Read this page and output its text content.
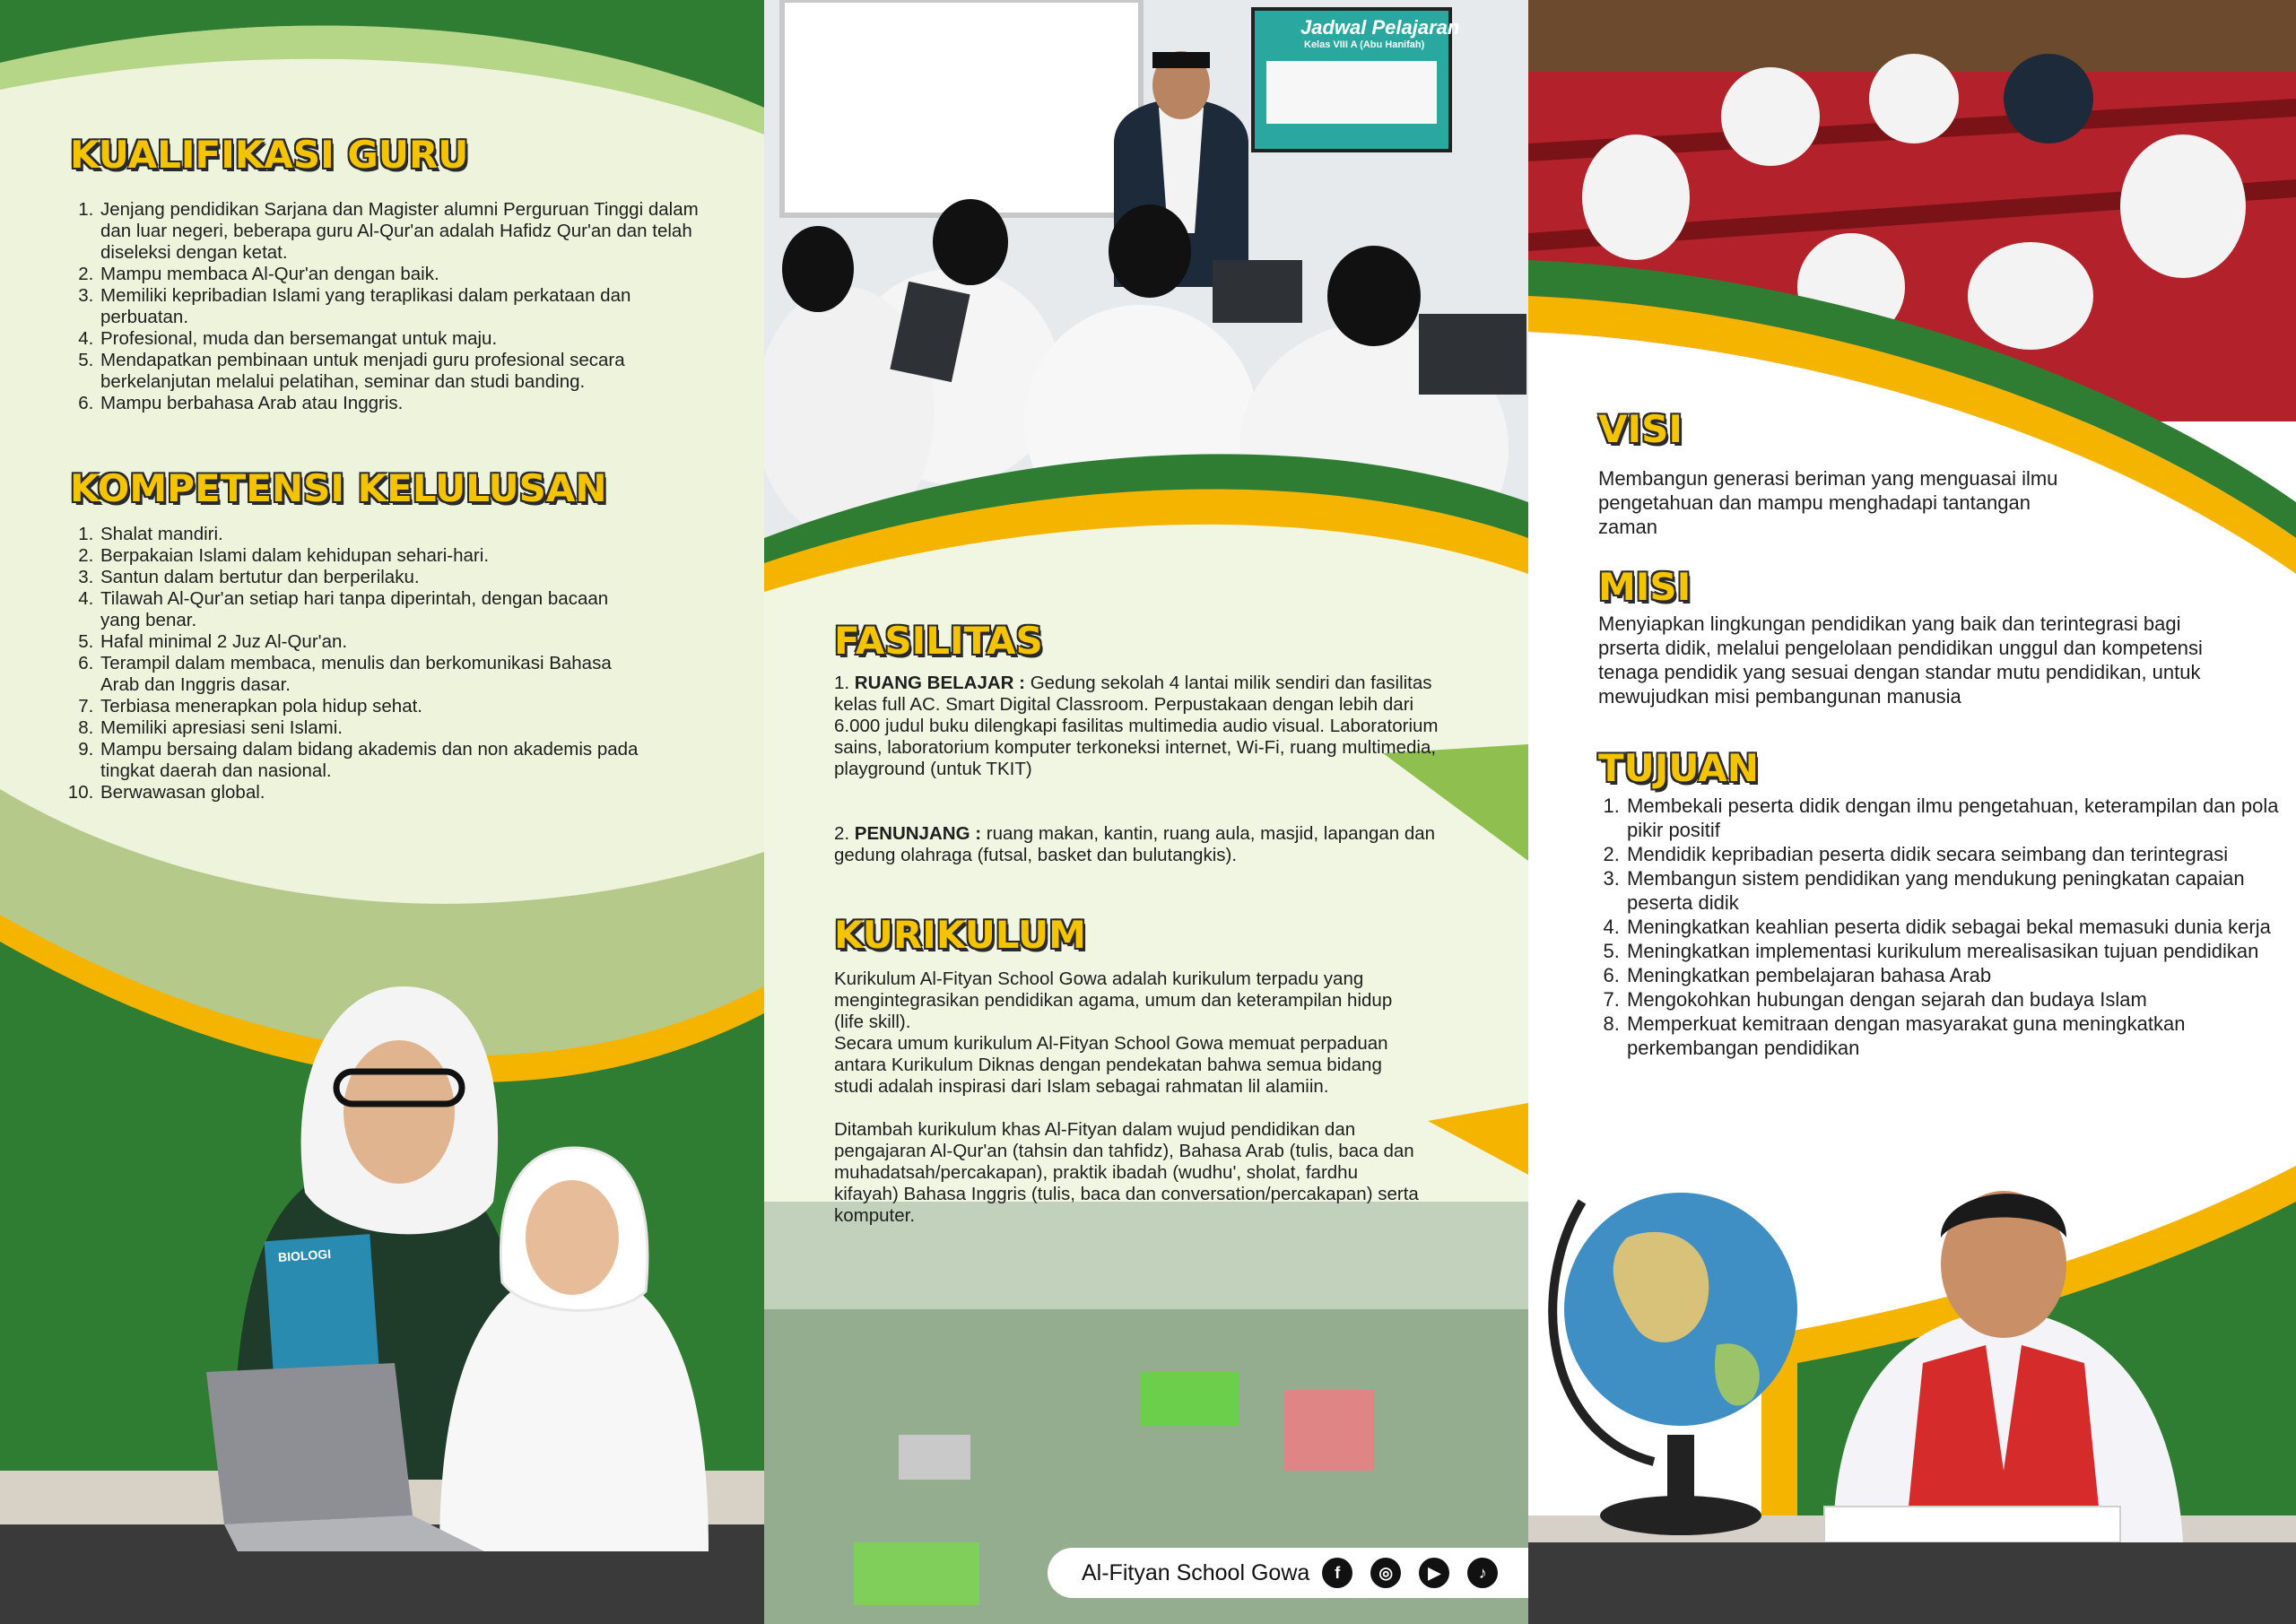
KUALIFIKASI GURU
1. Jenjang pendidikan Sarjana dan Magister alumni Perguruan Tinggi dalam dan luar negeri, beberapa guru Al-Qur'an adalah Hafidz Qur'an dan telah diseleksi dengan ketat.
2. Mampu membaca Al-Qur'an dengan baik.
3. Memiliki kepribadian Islami yang teraplikasi dalam perkataan dan perbuatan.
4. Profesional, muda dan bersemangat untuk maju.
5. Mendapatkan pembinaan untuk menjadi guru profesional secara berkelanjutan melalui pelatihan, seminar dan studi banding.
6. Mampu berbahasa Arab atau Inggris.
KOMPETENSI KELULUSAN
1. Shalat mandiri.
2. Berpakaian Islami dalam kehidupan sehari-hari.
3. Santun dalam bertutur dan berperilaku.
4. Tilawah Al-Qur'an setiap hari tanpa diperintah, dengan bacaan yang benar.
5. Hafal minimal 2 Juz Al-Qur'an.
6. Terampil dalam membaca, menulis dan berkomunikasi Bahasa Arab dan Inggris dasar.
7. Terbiasa menerapkan pola hidup sehat.
8. Memiliki apresiasi seni Islami.
9. Mampu bersaing dalam bidang akademis dan non akademis pada tingkat daerah dan nasional.
10. Berwawasan global.
BIOLOGI
Jadwal Pelajaran
Kelas VIII A (Abu Hanifah)
FASILITAS
1. RUANG BELAJAR : Gedung sekolah 4 lantai milik sendiri dan fasilitas kelas full AC. Smart Digital Classroom. Perpustakaan dengan lebih dari 6.000 judul buku dilengkapi fasilitas multimedia audio visual. Laboratorium sains, laboratorium komputer terkoneksi internet, Wi-Fi, ruang multimedia, playground (untuk TKIT)
2. PENUNJANG : ruang makan, kantin, ruang aula, masjid, lapangan dan gedung olahraga (futsal, basket dan bulutangkis).
KURIKULUM

Kurikulum Al-Fityan School Gowa adalah kurikulum terpadu yang mengintegrasikan pendidikan agama, umum dan keterampilan hidup (life skill).

Secara umum kurikulum Al-Fityan School Gowa memuat perpaduan antara Kurikulum Diknas dengan pendekatan bahwa semua bidang studi adalah inspirasi dari Islam sebagai rahmatan lil alamiin.

Ditambah kurikulum khas Al-Fityan dalam wujud pendidikan dan pengajaran Al-Qur'an (tahsin dan tahfidz), Bahasa Arab (tulis, baca dan muhadatsah/percakapan), praktik ibadah (wudhu', sholat, fardhu kifayah) Bahasa Inggris (tulis, baca dan conversation/percakapan) serta komputer.

Al-Fityan School Gowa	f	◎	▶	♪
VISI

Membangun generasi beriman yang menguasai ilmu pengetahuan dan mampu menghadapi tantangan zaman

MISI

Menyiapkan lingkungan pendidikan yang baik dan terintegrasi bagi prserta didik, melalui pengelolaan pendidikan unggul dan kompetensi tenaga pendidik yang sesuai dengan standar mutu pendidikan, untuk mewujudkan misi pembangunan manusia

TUJUAN
1. Membekali peserta didik dengan ilmu pengetahuan, keterampilan dan pola pikir positif
2. Mendidik kepribadian peserta didik secara seimbang dan terintegrasi
3. Membangun sistem pendidikan yang mendukung peningkatan capaian peserta didik
4. Meningkatkan keahlian peserta didik sebagai bekal memasuki dunia kerja
5. Meningkatkan implementasi kurikulum merealisasikan tujuan pendidikan
6. Meningkatkan pembelajaran bahasa Arab
7. Mengokohkan hubungan dengan sejarah dan budaya Islam
8. Memperkuat kemitraan dengan masyarakat guna meningkatkan perkembangan pendidikan
